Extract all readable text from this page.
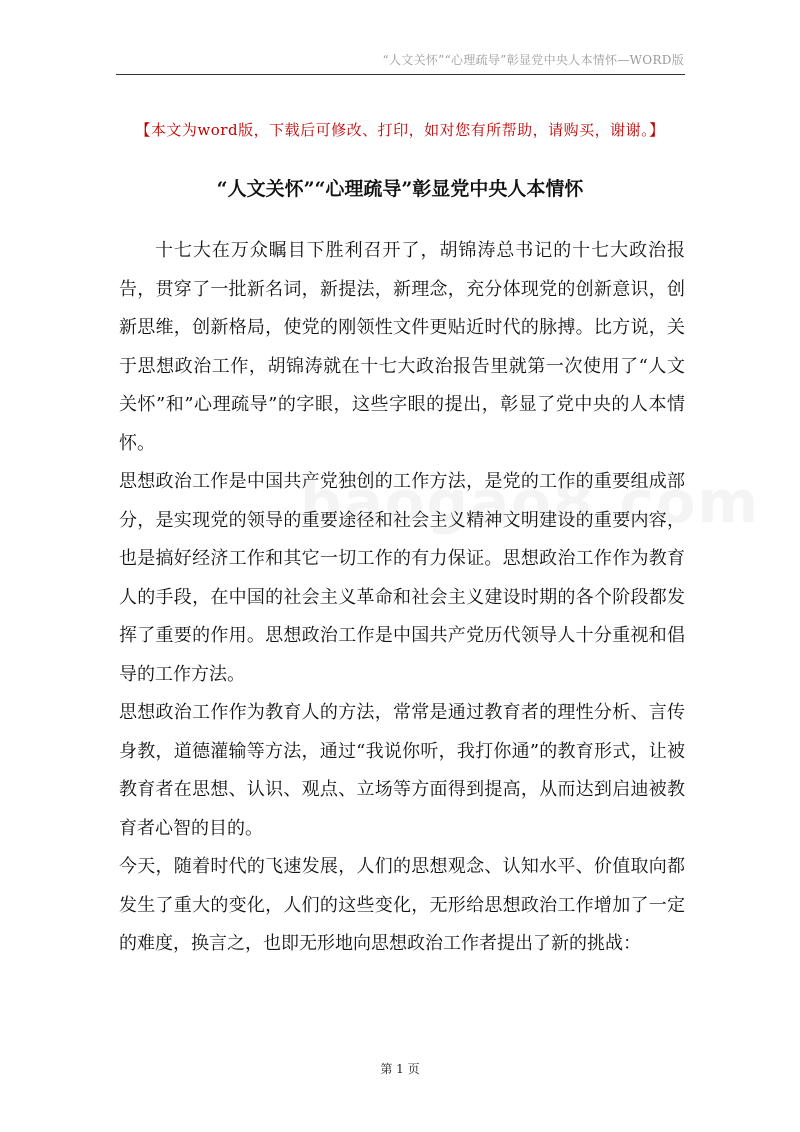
“人文关怀”“心理疏导”彰显党中央人本情怀—WORD版
【本文为word版，下载后可修改、打印，如对您有所帮助，请购买，谢谢。】
“人文关怀”“心理疏导”彰显党中央人本情怀

十七大在万众瞩目下胜利召开了，胡锦涛总书记的十七大政治报告，贯穿了一批新名词，新提法，新理念，充分体现党的创新意识，创新思维，创新格局，使党的刚领性文件更贴近时代的脉搏。比方说，关于思想政治工作，胡锦涛就在十七大政治报告里就第一次使用了“人文关怀”和”心理疏导”的字眼，这些字眼的提出，彰显了党中央的人本情怀。

思想政治工作是中国共产党独创的工作方法，是党的工作的重要组成部分，是实现党的领导的重要途径和社会主义精神文明建设的重要内容，也是搞好经济工作和其它一切工作的有力保证。思想政治工作作为教育人的手段，在中国的社会主义革命和社会主义建设时期的各个阶段都发挥了重要的作用。思想政治工作是中国共产党历代领导人十分重视和倡导的工作方法。

思想政治工作作为教育人的方法，常常是通过教育者的理性分析、言传身教，道德灌输等方法，通过“我说你听，我打你通”的教育形式，让被教育者在思想、认识、观点、立场等方面得到提高，从而达到启迪被教育者心智的目的。

今天，随着时代的飞速发展，人们的思想观念、认知水平、价值取向都发生了重大的变化，人们的这些变化，无形给思想政治工作增加了一定的难度，换言之，也即无形地向思想政治工作者提出了新的挑战：

第 1 页
